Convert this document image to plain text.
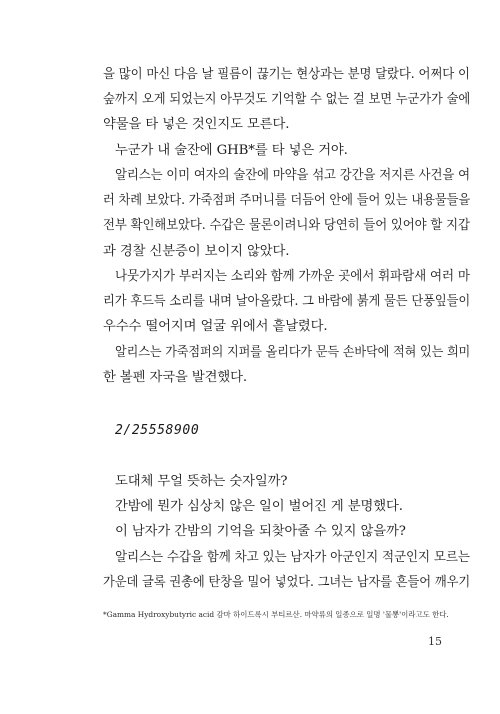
을 많이 마신 다음 날 필름이 끊기는 현상과는 분명 달랐다. 어쩌다 이
숲까지 오게 되었는지 아무것도 기억할 수 없는 걸 보면 누군가가 술에
약물을 타 넣은 것인지도 모른다.
누군가 내 술잔에 GHB*를 타 넣은 거야.
알리스는 이미 여자의 술잔에 마약을 섞고 강간을 저지른 사건을 여
러 차례 보았다. 가죽점퍼 주머니를 더듬어 안에 들어 있는 내용물들을
전부 확인해보았다. 수갑은 물론이려니와 당연히 들어 있어야 할 지갑
과 경찰 신분증이 보이지 않았다.
나뭇가지가 부러지는 소리와 함께 가까운 곳에서 휘파람새 여러 마
리가 후드득 소리를 내며 날아올랐다. 그 바람에 붉게 물든 단풍잎들이
우수수 떨어지며 얼굴 위에서 흩날렸다.
알리스는 가죽점퍼의 지퍼를 올리다가 문득 손바닥에 적혀 있는 희미
한 볼펜 자국을 발견했다.
2/25558900
도대체 무얼 뜻하는 숫자일까?
간밤에 뭔가 심상치 않은 일이 벌어진 게 분명했다.
이 남자가 간밤의 기억을 되찾아줄 수 있지 않을까?
알리스는 수갑을 함께 차고 있는 남자가 아군인지 적군인지 모르는
가운데 글록 권총에 탄창을 밀어 넣었다. 그녀는 남자를 흔들어 깨우기
*Gamma Hydroxybutyric acid 감마 하이드록시 부티르산. 마약류의 일종으로 일명 '물뽕'이라고도 한다.
15
